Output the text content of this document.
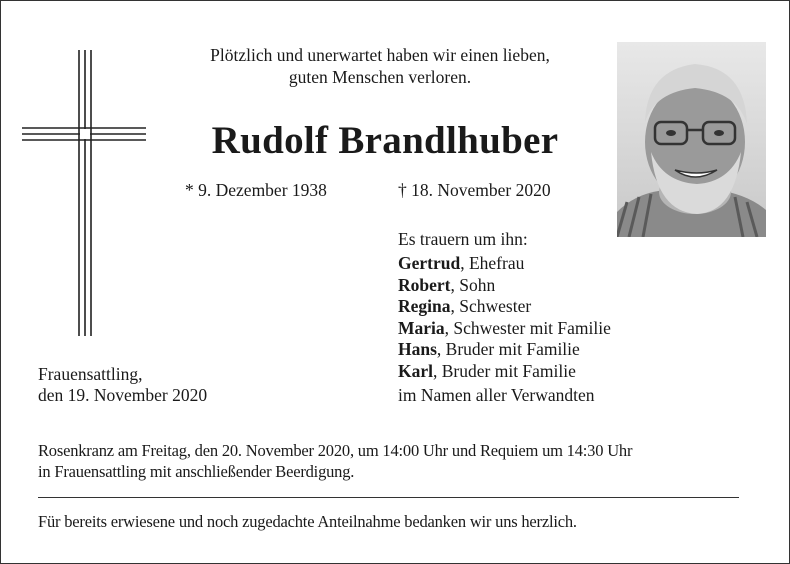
Plötzlich und unerwartet haben wir einen lieben,
guten Menschen verloren.
Rudolf Brandlhuber
* 9. Dezember 1938	† 18. November 2020
Es trauern um ihn:
Gertrud, Ehefrau
Robert, Sohn
Regina, Schwester
Maria, Schwester mit Familie
Hans, Bruder mit Familie
Karl, Bruder mit Familie
im Namen aller Verwandten
Frauensattling,
den 19. November 2020
Rosenkranz am Freitag, den 20. November 2020, um 14:00 Uhr und Requiem um 14:30 Uhr
in Frauensattling mit anschließender Beerdigung.
Für bereits erwiesene und noch zugedachte Anteilnahme bedanken wir uns herzlich.
